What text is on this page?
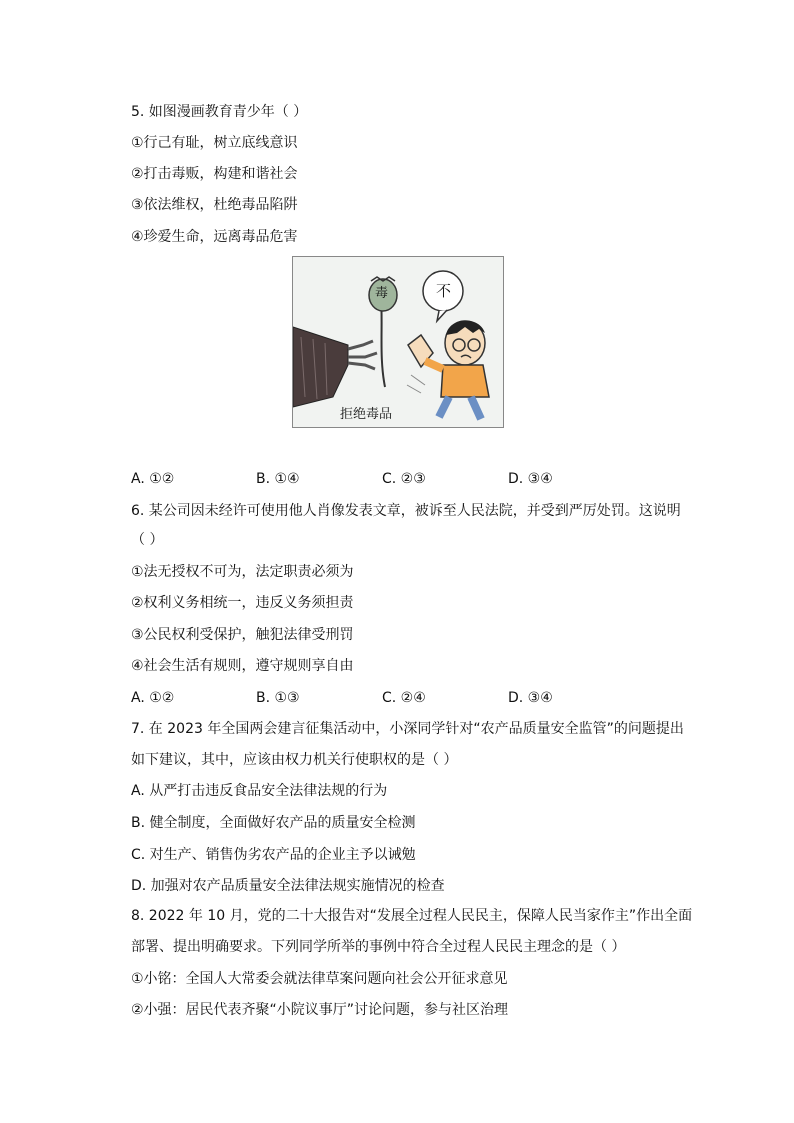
5. 如图漫画教育青少年（ ）
①行己有耻，树立底线意识
②打击毒贩，构建和谐社会
③依法维权，杜绝毒品陷阱
④珍爱生命，远离毒品危害
毒	不
拒绝毒品
A. ①②	B. ①④	C. ②③	D. ③④
6. 某公司因未经许可使用他人肖像发表文章，被诉至人民法院，并受到严厉处罚。这说明
（ ）
①法无授权不可为，法定职责必须为
②权利义务相统一，违反义务须担责
③公民权利受保护，触犯法律受刑罚
④社会生活有规则，遵守规则享自由
A. ①②	B. ①③	C. ②④	D. ③④
7. 在 2023 年全国两会建言征集活动中，小深同学针对“农产品质量安全监管”的问题提出
如下建议，其中，应该由权力机关行使职权的是（ ）
A. 从严打击违反食品安全法律法规的行为
B. 健全制度，全面做好农产品的质量安全检测
C. 对生产、销售伪劣农产品的企业主予以诫勉
D. 加强对农产品质量安全法律法规实施情况的检查
8. 2022 年 10 月，党的二十大报告对“发展全过程人民民主，保障人民当家作主”作出全面
部署、提出明确要求。下列同学所举的事例中符合全过程人民民主理念的是（ ）
①小铭：全国人大常委会就法律草案问题向社会公开征求意见
②小强：居民代表齐聚“小院议事厅”讨论问题，参与社区治理
